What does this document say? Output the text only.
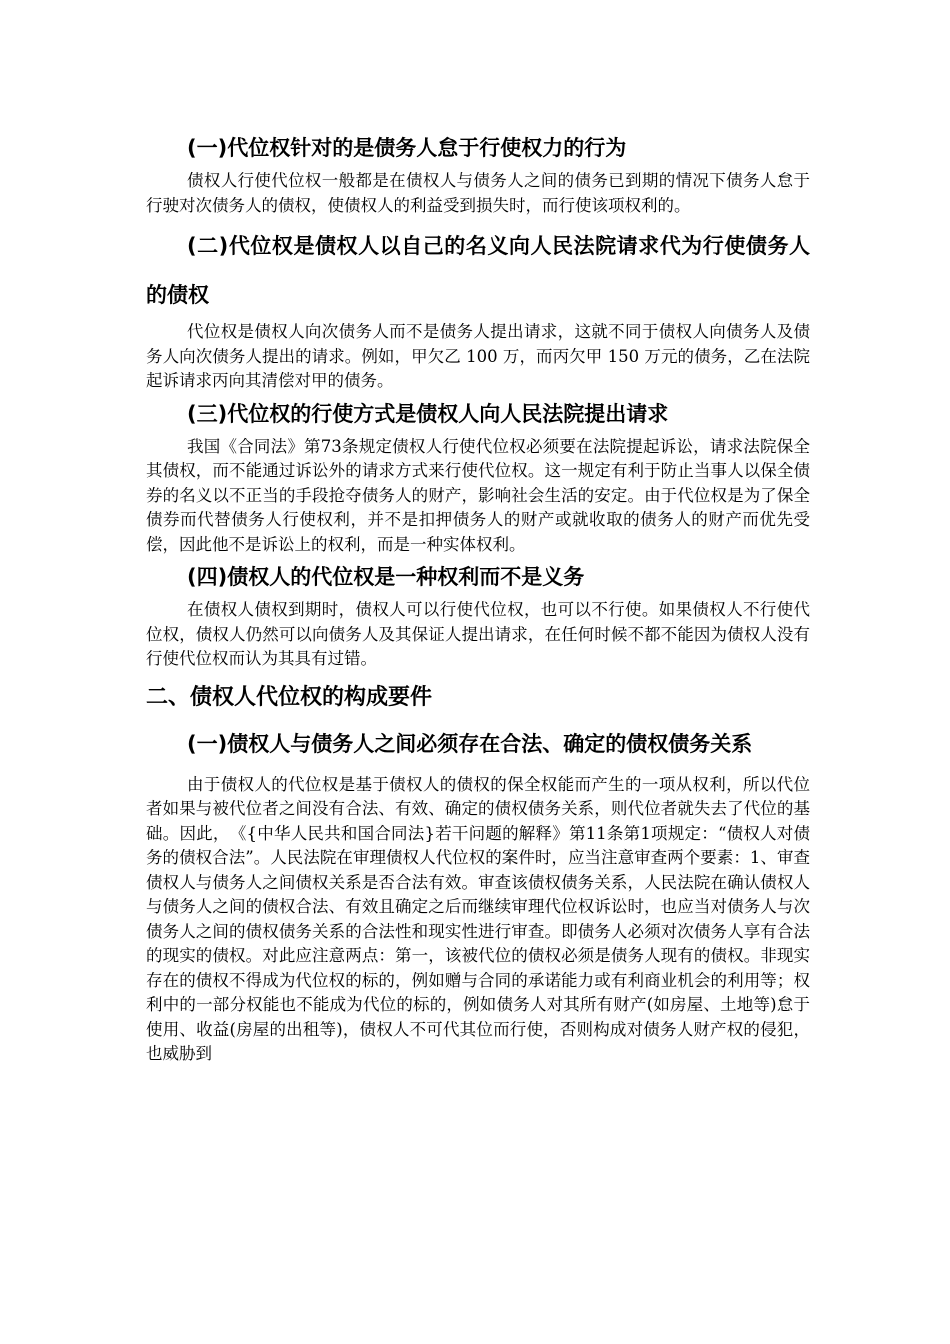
(一)代位权针对的是债务人怠于行使权力的行为

债权人行使代位权一般都是在债权人与债务人之间的债务已到期的情况下债务人怠于行驶对次债务人的债权，使债权人的利益受到损失时，而行使该项权利的。

(二)代位权是债权人以自己的名义向人民法院请求代为行使债务人的债权

代位权是债权人向次债务人而不是债务人提出请求，这就不同于债权人向债务人及债务人向次债务人提出的请求。例如，甲欠乙 100 万，而丙欠甲 150 万元的债务，乙在法院起诉请求丙向其清偿对甲的债务。

(三)代位权的行使方式是债权人向人民法院提出请求

我国《合同法》第73条规定债权人行使代位权必须要在法院提起诉讼，请求法院保全其债权，而不能通过诉讼外的请求方式来行使代位权。这一规定有利于防止当事人以保全债券的名义以不正当的手段抢夺债务人的财产，影响社会生活的安定。由于代位权是为了保全债券而代替债务人行使权利，并不是扣押债务人的财产或就收取的债务人的财产而优先受偿，因此他不是诉讼上的权利，而是一种实体权利。

(四)债权人的代位权是一种权利而不是义务

在债权人债权到期时，债权人可以行使代位权，也可以不行使。如果债权人不行使代位权，债权人仍然可以向债务人及其保证人提出请求，在任何时候不都不能因为债权人没有行使代位权而认为其具有过错。

二、债权人代位权的构成要件

(一)债权人与债务人之间必须存在合法、确定的债权债务关系

由于债权人的代位权是基于债权人的债权的保全权能而产生的一项从权利，所以代位者如果与被代位者之间没有合法、有效、确定的债权债务关系，则代位者就失去了代位的基础。因此，　《{中华人民共和国合同法}若干问题的解释》第11条第1项规定：“债权人对债务的债权合法”。人民法院在审理债权人代位权的案件时，应当注意审查两个要素：1、审查债权人与债务人之间债权关系是否合法有效。审查该债权债务关系，人民法院在确认债权人与债务人之间的债权合法、有效且确定之后而继续审理代位权诉讼时，也应当对债务人与次债务人之间的债权债务关系的合法性和现实性进行审查。即债务人必须对次债务人享有合法的现实的债权。对此应注意两点：第一，该被代位的债权必须是债务人现有的债权。非现实存在的债权不得成为代位权的标的，例如赠与合同的承诺能力或有利商业机会的利用等；权利中的一部分权能也不能成为代位的标的，例如债务人对其所有财产(如房屋、土地等)怠于使用、收益(房屋的出租等)，债权人不可代其位而行使，否则构成对债务人财产权的侵犯，也威胁到
